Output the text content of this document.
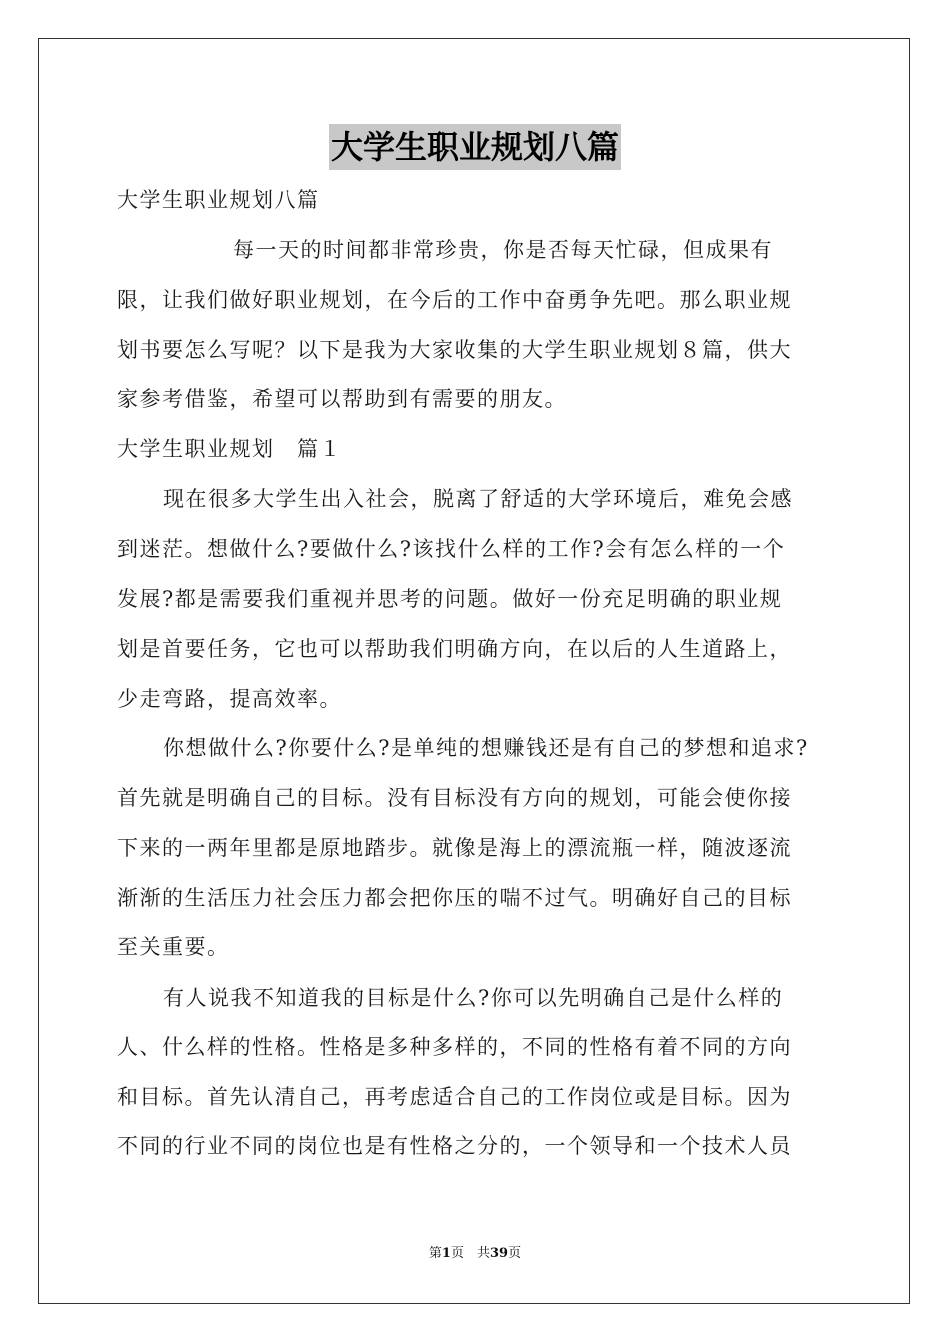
大学生职业规划八篇
大学生职业规划八篇
每一天的时间都非常珍贵，你是否每天忙碌，但成果有
限，让我们做好职业规划，在今后的工作中奋勇争先吧。那么职业规
划书要怎么写呢？以下是我为大家收集的大学生职业规划８篇，供大
家参考借鉴，希望可以帮助到有需要的朋友。
大学生职业规划　篇１
现在很多大学生出入社会，脱离了舒适的大学环境后，难免会感
到迷茫。想做什么?要做什么?该找什么样的工作?会有怎么样的一个
发展?都是需要我们重视并思考的问题。做好一份充足明确的职业规
划是首要任务，它也可以帮助我们明确方向，在以后的人生道路上，
少走弯路，提高效率。
你想做什么?你要什么?是单纯的想赚钱还是有自己的梦想和追求?
首先就是明确自己的目标。没有目标没有方向的规划，可能会使你接
下来的一两年里都是原地踏步。就像是海上的漂流瓶一样，随波逐流
渐渐的生活压力社会压力都会把你压的喘不过气。明确好自己的目标
至关重要。
有人说我不知道我的目标是什么?你可以先明确自己是什么样的
人、什么样的性格。性格是多种多样的，不同的性格有着不同的方向
和目标。首先认清自己，再考虑适合自己的工作岗位或是目标。因为
不同的行业不同的岗位也是有性格之分的，一个领导和一个技术人员
第1页　共39页
